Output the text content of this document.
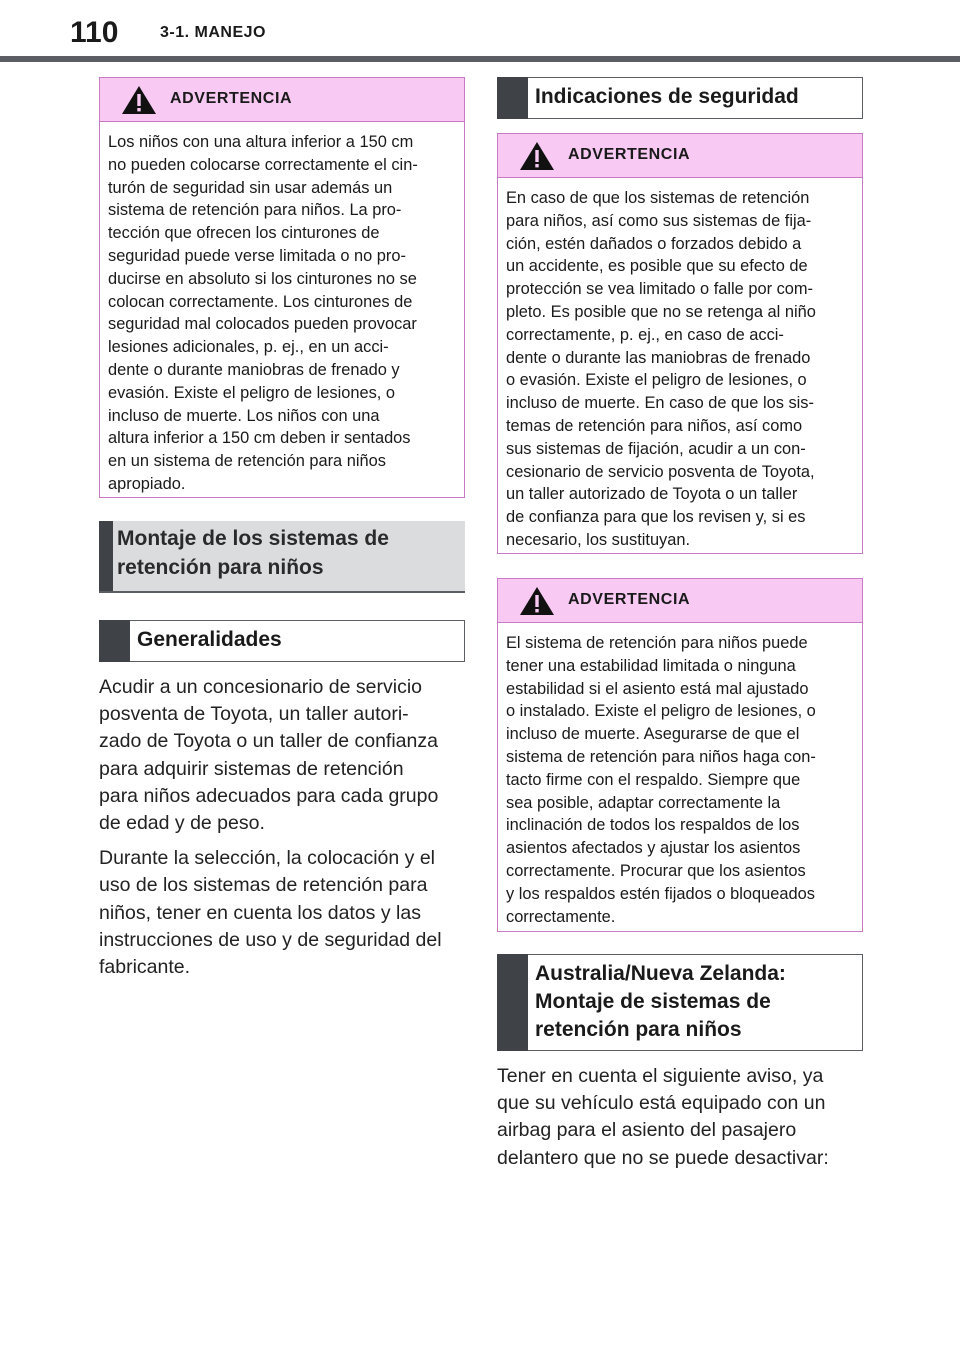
110	3-1. MANEJO
ADVERTENCIA

Los niños con una altura inferior a 150 cm

no pueden colocarse correctamente el cin-

turón de seguridad sin usar además un

sistema de retención para niños. La pro-

tección que ofrecen los cinturones de

seguridad puede verse limitada o no pro-

ducirse en absoluto si los cinturones no se

colocan correctamente. Los cinturones de

seguridad mal colocados pueden provocar

lesiones adicionales, p. ej., en un acci-

dente o durante maniobras de frenado y

evasión. Existe el peligro de lesiones, o

incluso de muerte. Los niños con una

altura inferior a 150 cm deben ir sentados

en un sistema de retención para niños

apropiado.

Montaje de los sistemas de
retención para niños
Generalidades

Acudir a un concesionario de servicio
posventa de Toyota, un taller autori-
zado de Toyota o un taller de confianza
para adquirir sistemas de retención
para niños adecuados para cada grupo
de edad y de peso.

Durante la selección, la colocación y el
uso de los sistemas de retención para
niños, tener en cuenta los datos y las
instrucciones de uso y de seguridad del
fabricante.

Indicaciones de seguridad
ADVERTENCIA

En caso de que los sistemas de retención

para niños, así como sus sistemas de fija-

ción, estén dañados o forzados debido a

un accidente, es posible que su efecto de

protección se vea limitado o falle por com-

pleto. Es posible que no se retenga al niño

correctamente, p. ej., en caso de acci-

dente o durante las maniobras de frenado

o evasión. Existe el peligro de lesiones, o

incluso de muerte. En caso de que los sis-

temas de retención para niños, así como

sus sistemas de fijación, acudir a un con-

cesionario de servicio posventa de Toyota,

un taller autorizado de Toyota o un taller

de confianza para que los revisen y, si es

necesario, los sustituyan.

ADVERTENCIA

El sistema de retención para niños puede

tener una estabilidad limitada o ninguna

estabilidad si el asiento está mal ajustado

o instalado. Existe el peligro de lesiones, o

incluso de muerte. Asegurarse de que el

sistema de retención para niños haga con-

tacto firme con el respaldo. Siempre que

sea posible, adaptar correctamente la

inclinación de todos los respaldos de los

asientos afectados y ajustar los asientos

correctamente. Procurar que los asientos

y los respaldos estén fijados o bloqueados

correctamente.

Australia/Nueva Zelanda:
Montaje de sistemas de
retención para niños

Tener en cuenta el siguiente aviso, ya
que su vehículo está equipado con un
airbag para el asiento del pasajero
delantero que no se puede desactivar:
